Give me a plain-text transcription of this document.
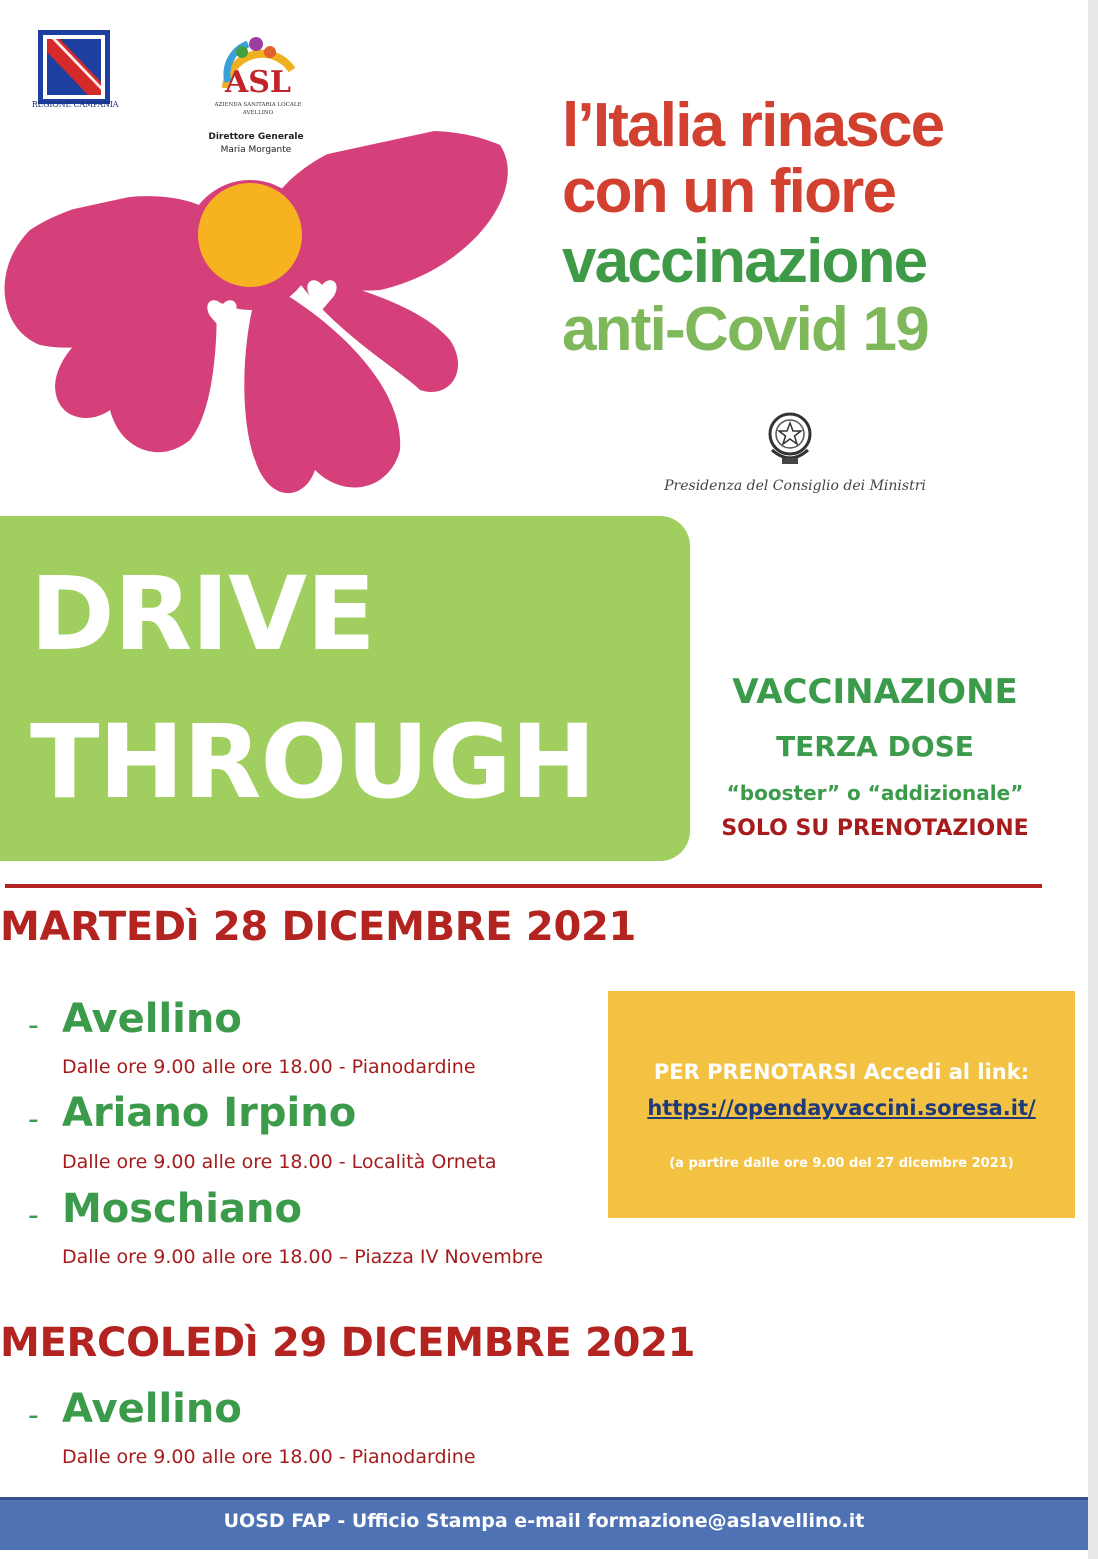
REGIONE CAMPANIA
ASL
AZIENDA SANITARIA LOCALE
AVELLINO
Direttore Generale
Maria Morgante	l’Italia rinasce
con un fiore
vaccinazione
anti-Covid 19
Presidenza del Consiglio dei Ministri
DRIVE
THROUGH
VACCINAZIONE
TERZA DOSE
“booster” o “addizionale”
SOLO SU PRENOTAZIONE
MARTEDì 28 DICEMBRE 2021
- Avellino
Dalle ore 9.00 alle ore 18.00 - Pianodardine
- Ariano Irpino
Dalle ore 9.00 alle ore 18.00 - Località Orneta
- Moschiano
Dalle ore 9.00 alle ore 18.00 – Piazza IV Novembre
PER PRENOTARSI Accedi al link:
https://opendayvaccini.soresa.it/
(a partire dalle ore 9.00 del 27 dicembre 2021)
MERCOLEDì 29 DICEMBRE 2021
- Avellino
Dalle ore 9.00 alle ore 18.00 - Pianodardine
UOSD FAP - Ufficio Stampa e-mail formazione@aslavellino.it
